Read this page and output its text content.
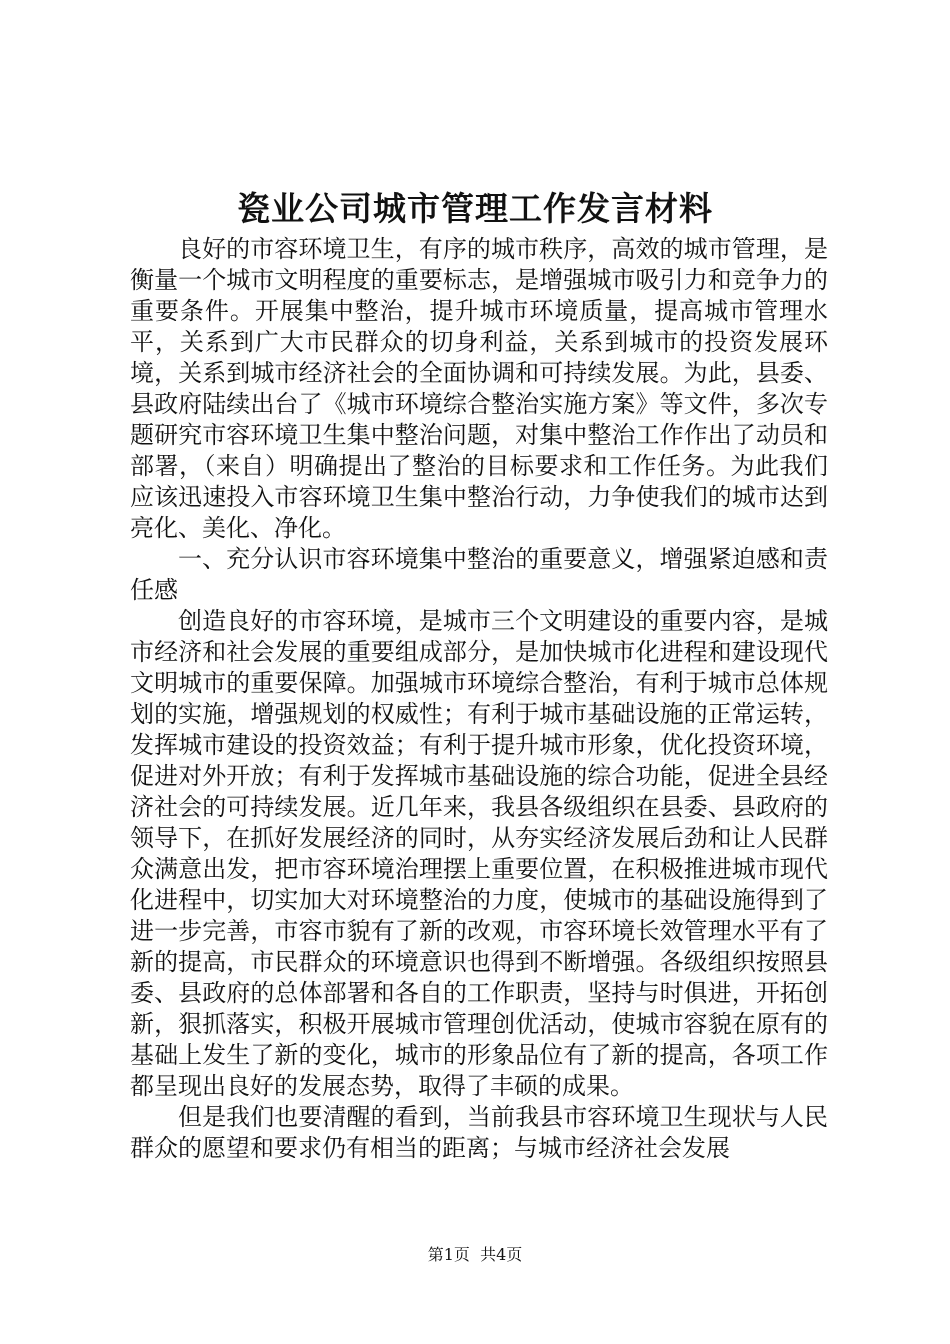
瓷业公司城市管理工作发言材料

良好的市容环境卫生，有序的城市秩序，高效的城市管理，是衡量一个城市文明程度的重要标志，是增强城市吸引力和竞争力的重要条件。开展集中整治，提升城市环境质量，提高城市管理水平，关系到广大市民群众的切身利益，关系到城市的投资发展环境，关系到城市经济社会的全面协调和可持续发展。为此，县委、县政府陆续出台了《城市环境综合整治实施方案》等文件，多次专题研究市容环境卫生集中整治问题，对集中整治工作作出了动员和部署，（来自）明确提出了整治的目标要求和工作任务。为此我们应该迅速投入市容环境卫生集中整治行动，力争使我们的城市达到亮化、美化、净化。

一、充分认识市容环境集中整治的重要意义，增强紧迫感和责任感

创造良好的市容环境，是城市三个文明建设的重要内容，是城市经济和社会发展的重要组成部分，是加快城市化进程和建设现代文明城市的重要保障。加强城市环境综合整治，有利于城市总体规划的实施，增强规划的权威性；有利于城市基础设施的正常运转，发挥城市建设的投资效益；有利于提升城市形象，优化投资环境，促进对外开放；有利于发挥城市基础设施的综合功能，促进全县经济社会的可持续发展。近几年来，我县各级组织在县委、县政府的领导下，在抓好发展经济的同时，从夯实经济发展后劲和让人民群众满意出发，把市容环境治理摆上重要位置，在积极推进城市现代化进程中，切实加大对环境整治的力度，使城市的基础设施得到了进一步完善，市容市貌有了新的改观，市容环境长效管理水平有了新的提高，市民群众的环境意识也得到不断增强。各级组织按照县委、县政府的总体部署和各自的工作职责，坚持与时俱进，开拓创新，狠抓落实，积极开展城市管理创优活动，使城市容貌在原有的基础上发生了新的变化，城市的形象品位有了新的提高，各项工作都呈现出良好的发展态势，取得了丰硕的成果。

但是我们也要清醒的看到，当前我县市容环境卫生现状与人民群众的愿望和要求仍有相当的距离；与城市经济社会发展

第1页 共4页
